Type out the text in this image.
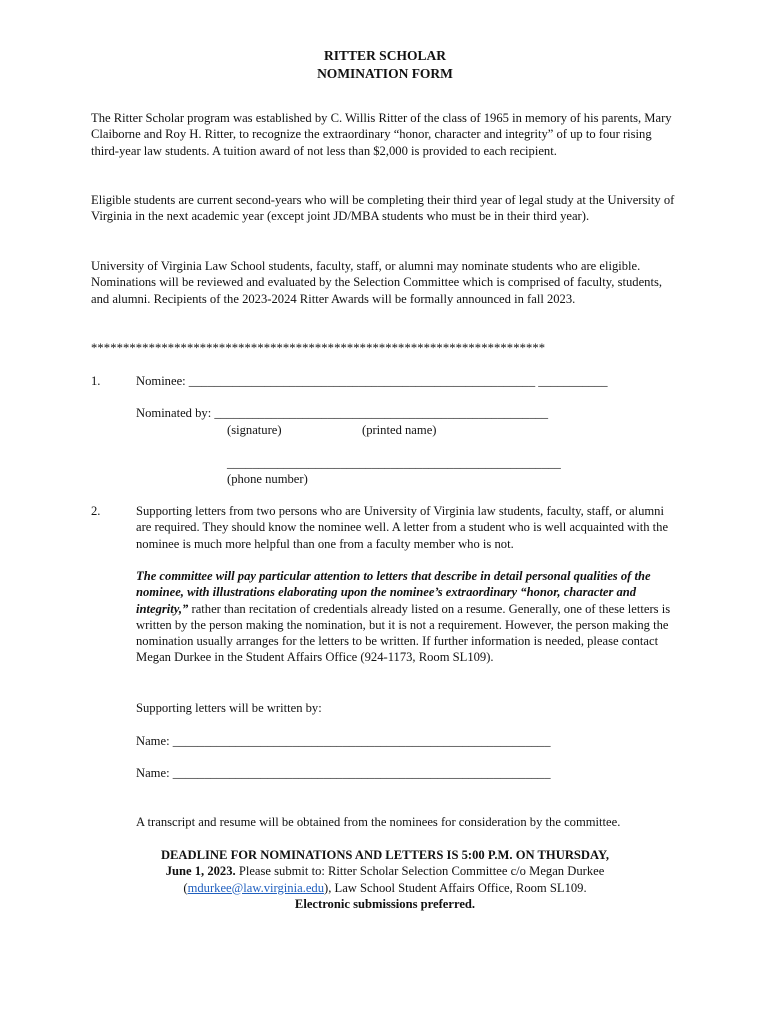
RITTER SCHOLAR
NOMINATION FORM

The Ritter Scholar program was established by C. Willis Ritter of the class of 1965 in memory of his parents, Mary Claiborne and Roy H. Ritter, to recognize the extraordinary “honor, character and integrity” of up to four rising third-year law students. A tuition award of not less than $2,000 is provided to each recipient.

Eligible students are current second-years who will be completing their third year of legal study at the University of Virginia in the next academic year (except joint JD/MBA students who must be in their third year).

University of Virginia Law School students, faculty, staff, or alumni may nominate students who are eligible. Nominations will be reviewed and evaluated by the Selection Committee which is comprised of faculty, students, and alumni. Recipients of the 2023-2024 Ritter Awards will be formally announced in fall 2023.

***********************************************************************
1.	Nominee: _______________________________________________________ ___________
Nominated by: _____________________________________________________
(signature)	(printed name)
_____________________________________________________
(phone number)
2.	Supporting letters from two persons who are University of Virginia law students, faculty, staff, or alumni are required. They should know the nominee well. A letter from a student who is well acquainted with the nominee is much more helpful than one from a faculty member who is not.

The committee will pay particular attention to letters that describe in detail personal qualities of the nominee, with illustrations elaborating upon the nominee’s extraordinary “honor, character and integrity,” rather than recitation of credentials already listed on a resume. Generally, one of these letters is written by the person making the nomination, but it is not a requirement. However, the person making the nomination usually arranges for the letters to be written. If further information is needed, please contact Megan Durkee in the Student Affairs Office (924-1173, Room SL109).

Supporting letters will be written by:
Name: ____________________________________________________________
Name: ____________________________________________________________
A transcript and resume will be obtained from the nominees for consideration by the committee.
DEADLINE FOR NOMINATIONS AND LETTERS IS 5:00 P.M. ON THURSDAY,
June 1, 2023. Please submit to: Ritter Scholar Selection Committee c/o Megan Durkee
(mdurkee@law.virginia.edu), Law School Student Affairs Office, Room SL109.
Electronic submissions preferred.
